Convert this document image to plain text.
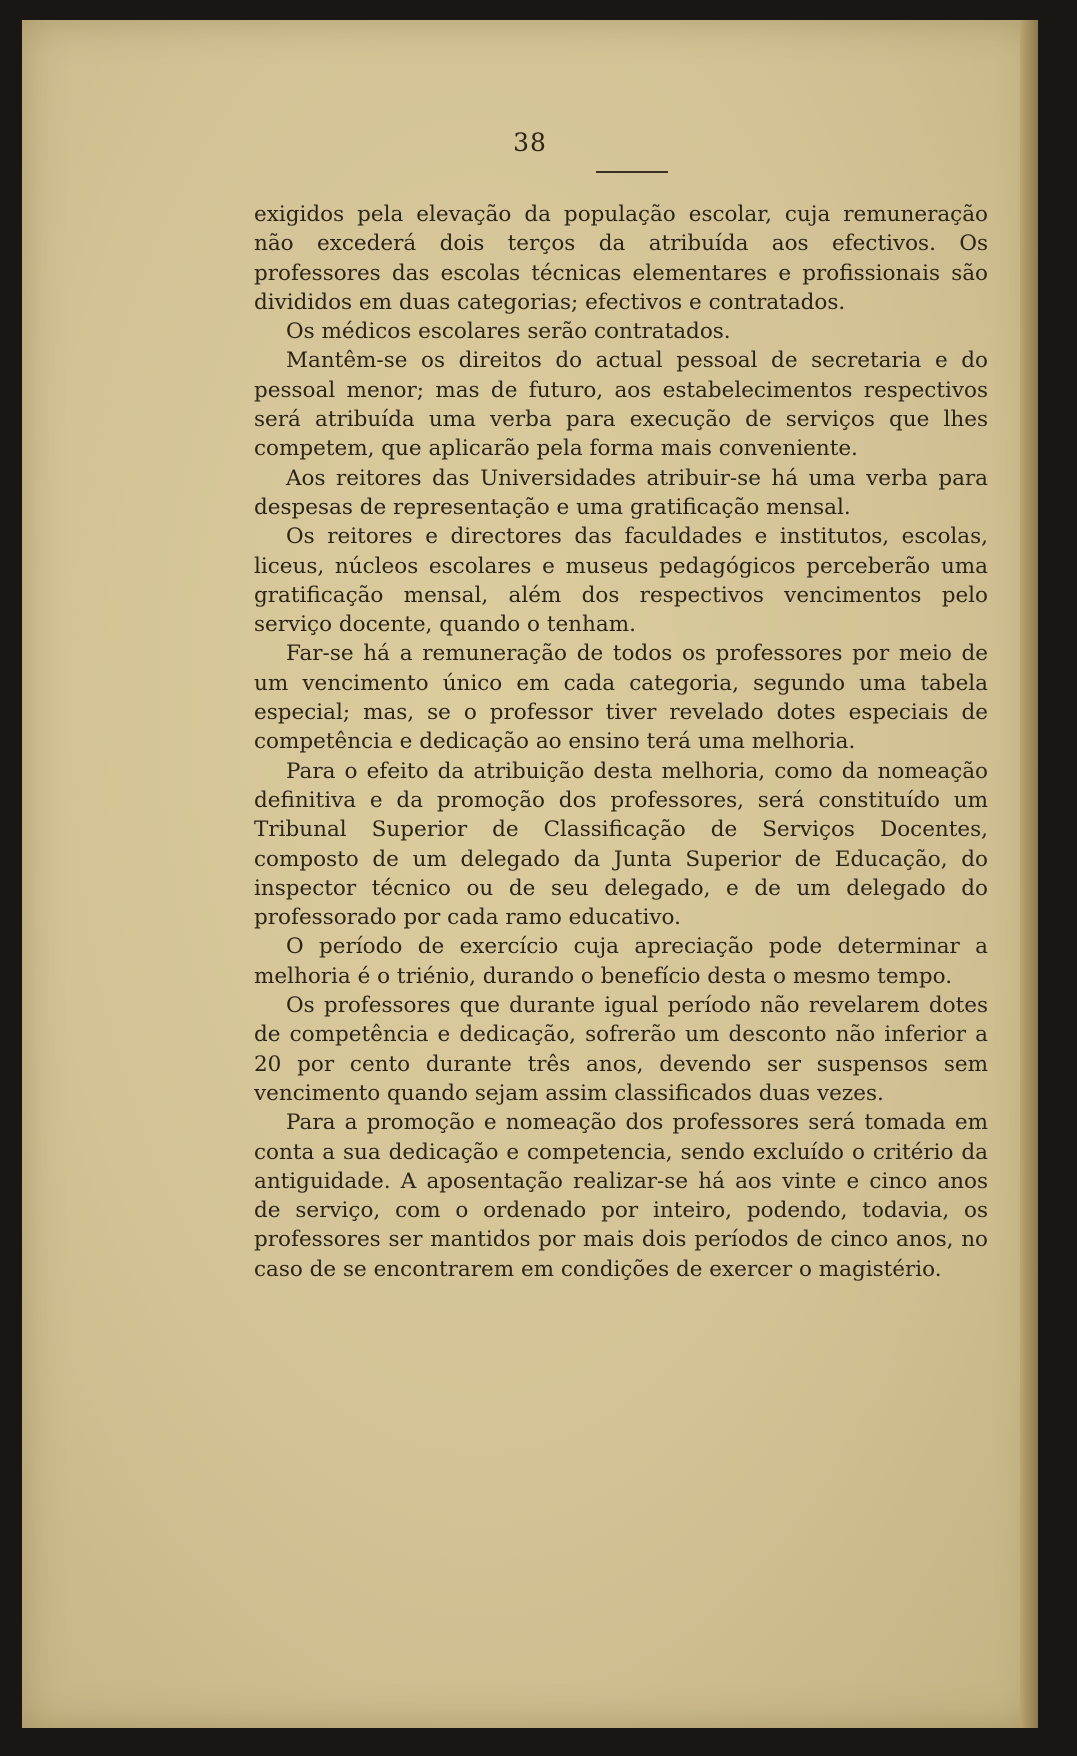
38

exigidos pela elevação da população escolar, cuja remuneração não excederá dois terços da atribuída aos efectivos. Os professores das escolas técnicas elementares e profissionais são divididos em duas categorias; efectivos e contratados.

Os médicos escolares serão contratados.

Mantêm-se os direitos do actual pessoal de secretaria e do pessoal menor; mas de futuro, aos estabelecimentos respectivos será atribuída uma verba para execução de serviços que lhes competem, que aplicarão pela forma mais conveniente.

Aos reitores das Universidades atribuir-se há uma verba para despesas de representação e uma gratificação mensal.

Os reitores e directores das faculdades e institutos, escolas, liceus, núcleos escolares e museus pedagógicos perceberão uma gratificação mensal, além dos respectivos vencimentos pelo serviço docente, quando o tenham.

Far-se há a remuneração de todos os professores por meio de um vencimento único em cada categoria, segundo uma tabela especial; mas, se o professor tiver revelado dotes especiais de competência e dedicação ao ensino terá uma melhoria.

Para o efeito da atribuição desta melhoria, como da nomeação definitiva e da promoção dos professores, será constituído um Tribunal Superior de Classificação de Serviços Docentes, composto de um delegado da Junta Superior de Educação, do inspector técnico ou de seu delegado, e de um delegado do professorado por cada ramo educativo.

O período de exercício cuja apreciação pode determinar a melhoria é o triénio, durando o benefício desta o mesmo tempo.

Os professores que durante igual período não revelarem dotes de competência e dedicação, sofrerão um desconto não inferior a 20 por cento durante três anos, devendo ser suspensos sem vencimento quando sejam assim classificados duas vezes.

Para a promoção e nomeação dos professores será tomada em conta a sua dedicação e competencia, sendo excluído o critério da antiguidade. A aposentação realizar-se há aos vinte e cinco anos de serviço, com o ordenado por inteiro, podendo, todavia, os professores ser mantidos por mais dois períodos de cinco anos, no caso de se encontrarem em condições de exercer o magistério.
